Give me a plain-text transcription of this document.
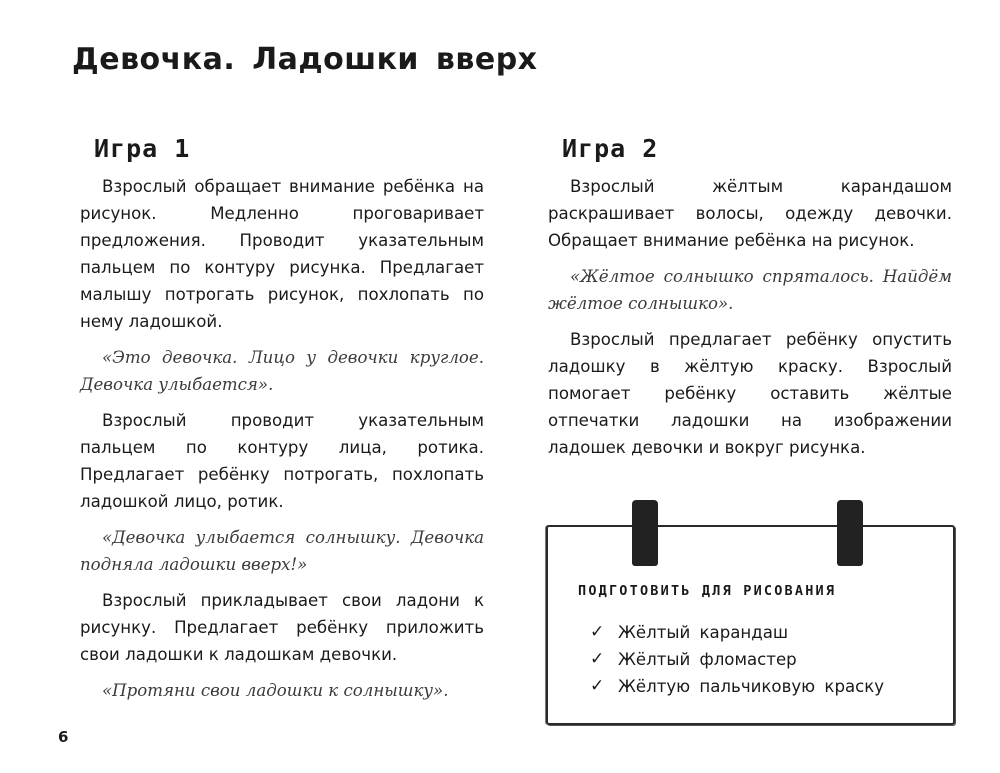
Девочка. Ладошки вверх
Игра 1

Взрослый обращает внимание ребёнка на рисунок. Медленно проговаривает предложения. Проводит указательным пальцем по контуру рисунка. Предлагает малышу потрогать рисунок, похлопать по нему ладошкой.

«Это девочка. Лицо у девочки круглое. Девочка улыбается».

Взрослый проводит указательным пальцем по контуру лица, ротика. Предлагает ребёнку потрогать, похлопать ладошкой лицо, ротик.

«Девочка улыбается солнышку. Девочка подняла ладошки вверх!»

Взрослый прикладывает свои ладони к рисунку. Предлагает ребёнку приложить свои ладошки к ладошкам девочки.

«Протяни свои ладошки к солнышку».

Игра 2

Взрослый жёлтым карандашом раскрашивает волосы, одежду девочки. Обращает внимание ребёнка на рисунок.

«Жёлтое солнышко спряталось. Найдём жёлтое солнышко».

Взрослый предлагает ребёнку опустить ладошку в жёлтую краску. Взрослый помогает ребёнку оставить жёлтые отпечатки ладошки на изображении ладошек девочки и вокруг рисунка.

ПОДГОТОВИТЬ ДЛЯ РИСОВАНИЯ
✓ Жёлтый карандаш
✓ Жёлтый фломастер
✓ Жёлтую пальчиковую краску
6
